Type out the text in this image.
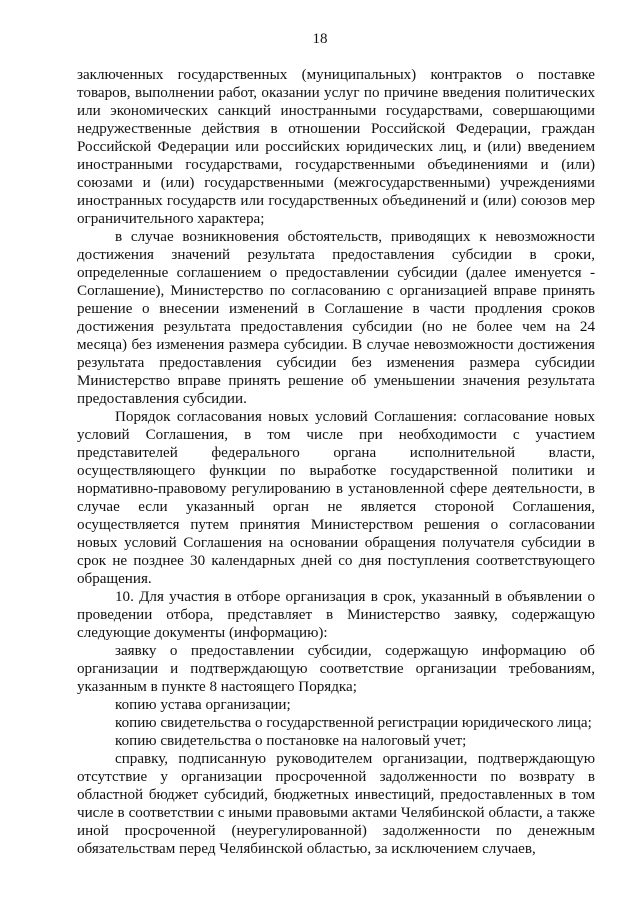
18

заключенных государственных (муниципальных) контрактов о поставке товаров, выполнении работ, оказании услуг по причине введения политических или экономических санкций иностранными государствами, совершающими недружественные действия в отношении Российской Федерации, граждан Российской Федерации или российских юридических лиц, и (или) введением иностранными государствами, государственными объединениями и (или) союзами и (или) государственными (межгосударственными) учреждениями иностранных государств или государственных объединений и (или) союзов мер ограничительного характера;

в случае возникновения обстоятельств, приводящих к невозможности достижения значений результата предоставления субсидии в сроки, определенные соглашением о предоставлении субсидии (далее именуется - Соглашение), Министерство по согласованию с организацией вправе принять решение о внесении изменений в Соглашение в части продления сроков достижения результата предоставления субсидии (но не более чем на 24 месяца) без изменения размера субсидии. В случае невозможности достижения результата предоставления субсидии без изменения размера субсидии Министерство вправе принять решение об уменьшении значения результата предоставления субсидии.

Порядок согласования новых условий Соглашения: согласование новых условий Соглашения, в том числе при необходимости с участием представителей федерального органа исполнительной власти, осуществляющего функции по выработке государственной политики и нормативно-правовому регулированию в установленной сфере деятельности, в случае если указанный орган не является стороной Соглашения, осуществляется путем принятия Министерством решения о согласовании новых условий Соглашения на основании обращения получателя субсидии в срок не позднее 30 календарных дней со дня поступления соответствующего обращения.

10. Для участия в отборе организация в срок, указанный в объявлении о проведении отбора, представляет в Министерство заявку, содержащую следующие документы (информацию):

заявку о предоставлении субсидии, содержащую информацию об организации и подтверждающую соответствие организации требованиям, указанным в пункте 8 настоящего Порядка;

копию устава организации;

копию свидетельства о государственной регистрации юридического лица;

копию свидетельства о постановке на налоговый учет;

справку, подписанную руководителем организации, подтверждающую отсутствие у организации просроченной задолженности по возврату в областной бюджет субсидий, бюджетных инвестиций, предоставленных в том числе в соответствии с иными правовыми актами Челябинской области, а также иной просроченной (неурегулированной) задолженности по денежным обязательствам перед Челябинской областью, за исключением случаев,
